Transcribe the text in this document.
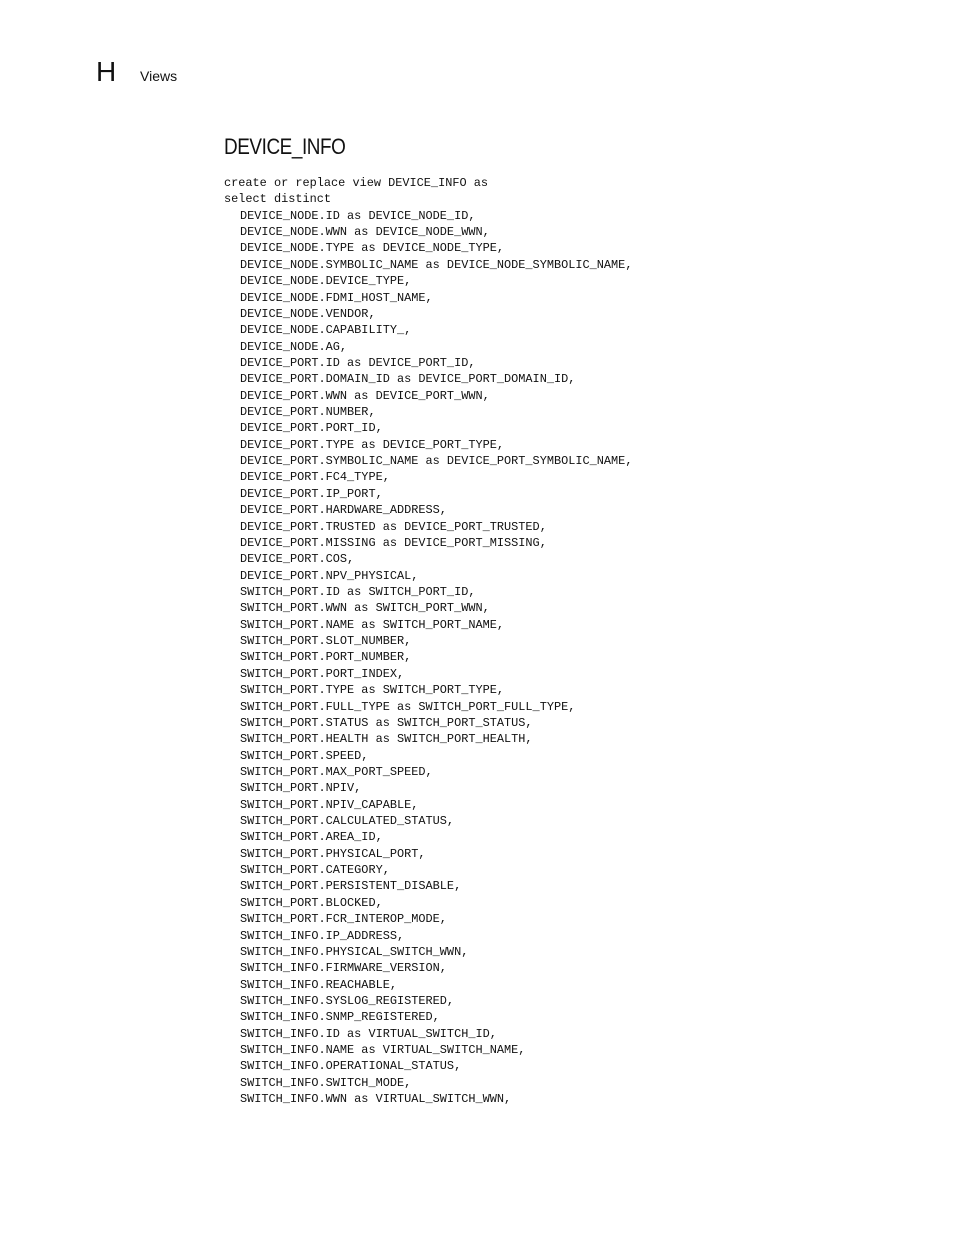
H	Views
DEVICE_INFO
create or replace view DEVICE_INFO as
select distinct
DEVICE_NODE.ID as DEVICE_NODE_ID,
DEVICE_NODE.WWN as DEVICE_NODE_WWN,
DEVICE_NODE.TYPE as DEVICE_NODE_TYPE,
DEVICE_NODE.SYMBOLIC_NAME as DEVICE_NODE_SYMBOLIC_NAME,
DEVICE_NODE.DEVICE_TYPE,
DEVICE_NODE.FDMI_HOST_NAME,
DEVICE_NODE.VENDOR,
DEVICE_NODE.CAPABILITY_,
DEVICE_NODE.AG,
DEVICE_PORT.ID as DEVICE_PORT_ID,
DEVICE_PORT.DOMAIN_ID as DEVICE_PORT_DOMAIN_ID,
DEVICE_PORT.WWN as DEVICE_PORT_WWN,
DEVICE_PORT.NUMBER,
DEVICE_PORT.PORT_ID,
DEVICE_PORT.TYPE as DEVICE_PORT_TYPE,
DEVICE_PORT.SYMBOLIC_NAME as DEVICE_PORT_SYMBOLIC_NAME,
DEVICE_PORT.FC4_TYPE,
DEVICE_PORT.IP_PORT,
DEVICE_PORT.HARDWARE_ADDRESS,
DEVICE_PORT.TRUSTED as DEVICE_PORT_TRUSTED,
DEVICE_PORT.MISSING as DEVICE_PORT_MISSING,
DEVICE_PORT.COS,
DEVICE_PORT.NPV_PHYSICAL,
SWITCH_PORT.ID as SWITCH_PORT_ID,
SWITCH_PORT.WWN as SWITCH_PORT_WWN,
SWITCH_PORT.NAME as SWITCH_PORT_NAME,
SWITCH_PORT.SLOT_NUMBER,
SWITCH_PORT.PORT_NUMBER,
SWITCH_PORT.PORT_INDEX,
SWITCH_PORT.TYPE as SWITCH_PORT_TYPE,
SWITCH_PORT.FULL_TYPE as SWITCH_PORT_FULL_TYPE,
SWITCH_PORT.STATUS as SWITCH_PORT_STATUS,
SWITCH_PORT.HEALTH as SWITCH_PORT_HEALTH,
SWITCH_PORT.SPEED,
SWITCH_PORT.MAX_PORT_SPEED,
SWITCH_PORT.NPIV,
SWITCH_PORT.NPIV_CAPABLE,
SWITCH_PORT.CALCULATED_STATUS,
SWITCH_PORT.AREA_ID,
SWITCH_PORT.PHYSICAL_PORT,
SWITCH_PORT.CATEGORY,
SWITCH_PORT.PERSISTENT_DISABLE,
SWITCH_PORT.BLOCKED,
SWITCH_PORT.FCR_INTEROP_MODE,
SWITCH_INFO.IP_ADDRESS,
SWITCH_INFO.PHYSICAL_SWITCH_WWN,
SWITCH_INFO.FIRMWARE_VERSION,
SWITCH_INFO.REACHABLE,
SWITCH_INFO.SYSLOG_REGISTERED,
SWITCH_INFO.SNMP_REGISTERED,
SWITCH_INFO.ID as VIRTUAL_SWITCH_ID,
SWITCH_INFO.NAME as VIRTUAL_SWITCH_NAME,
SWITCH_INFO.OPERATIONAL_STATUS,
SWITCH_INFO.SWITCH_MODE,
SWITCH_INFO.WWN as VIRTUAL_SWITCH_WWN,
